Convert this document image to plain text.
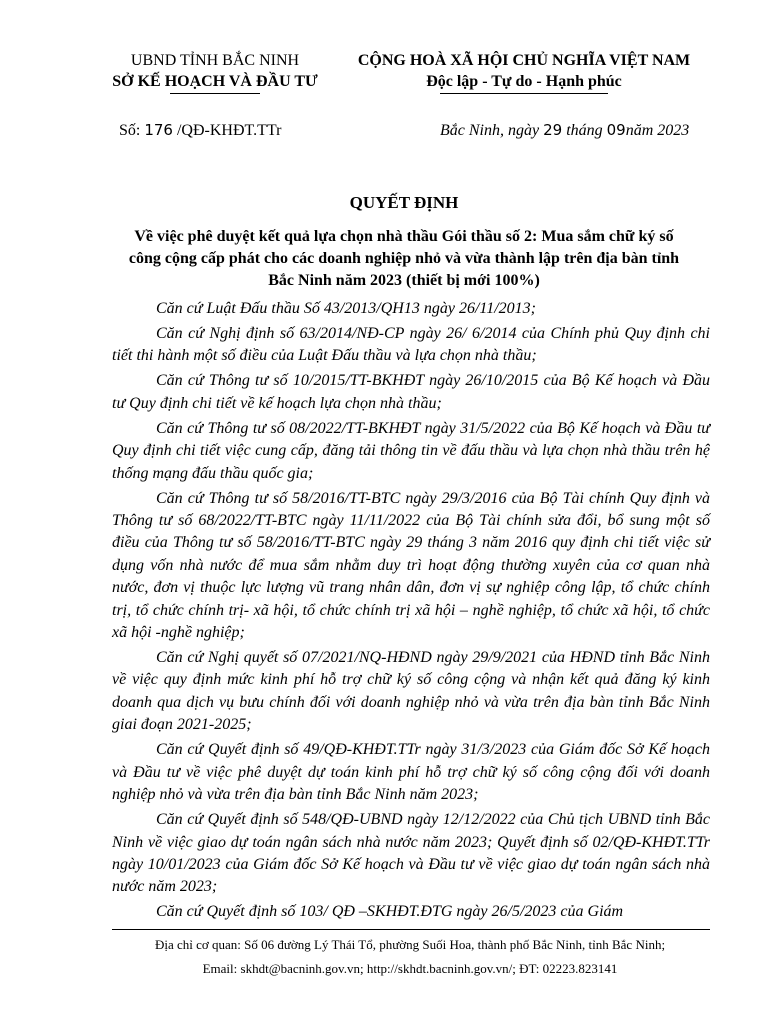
UBND TỈNH BẮC NINH
SỞ KẾ HOẠCH VÀ ĐẦU TƯ
CỘNG HOÀ XÃ HỘI CHỦ NGHĨA VIỆT NAM
Độc lập - Tự do - Hạnh phúc
Số: 176 /QĐ-KHĐT.TTr	Bắc Ninh, ngày 29 tháng 09năm 2023
QUYẾT ĐỊNH
Về việc phê duyệt kết quả lựa chọn nhà thầu Gói thầu số 2: Mua sắm chữ ký số công cộng cấp phát cho các doanh nghiệp nhỏ và vừa thành lập trên địa bàn tỉnh Bắc Ninh năm 2023 (thiết bị mới 100%)

Căn cứ Luật Đấu thầu Số 43/2013/QH13 ngày 26/11/2013;

Căn cứ Nghị định số 63/2014/NĐ-CP ngày 26/ 6/2014 của Chính phủ Quy định chi tiết thi hành một số điều của Luật Đấu thầu và lựa chọn nhà thầu;

Căn cứ Thông tư số 10/2015/TT-BKHĐT ngày 26/10/2015 của Bộ Kế hoạch và Đầu tư Quy định chi tiết về kế hoạch lựa chọn nhà thầu;

Căn cứ Thông tư số 08/2022/TT-BKHĐT ngày 31/5/2022 của Bộ Kế hoạch và Đầu tư Quy định chi tiết việc cung cấp, đăng tải thông tin về đấu thầu và lựa chọn nhà thầu trên hệ thống mạng đấu thầu quốc gia;

Căn cứ Thông tư số 58/2016/TT-BTC ngày 29/3/2016 của Bộ Tài chính Quy định và Thông tư số 68/2022/TT-BTC ngày 11/11/2022 của Bộ Tài chính sửa đổi, bổ sung một số điều của Thông tư số 58/2016/TT-BTC ngày 29 tháng 3 năm 2016 quy định chi tiết việc sử dụng vốn nhà nước để mua sắm nhằm duy trì hoạt động thường xuyên của cơ quan nhà nước, đơn vị thuộc lực lượng vũ trang nhân dân, đơn vị sự nghiệp công lập, tổ chức chính trị, tổ chức chính trị- xã hội, tổ chức chính trị xã hội – nghề nghiệp, tổ chức xã hội, tổ chức xã hội -nghề nghiệp;

Căn cứ Nghị quyết số 07/2021/NQ-HĐND ngày 29/9/2021 của HĐND tỉnh Bắc Ninh về việc quy định mức kinh phí hỗ trợ chữ ký số công cộng và nhận kết quả đăng ký kinh doanh qua dịch vụ bưu chính đối với doanh nghiệp nhỏ và vừa trên địa bàn tỉnh Bắc Ninh giai đoạn 2021-2025;

Căn cứ Quyết định số 49/QĐ-KHĐT.TTr ngày 31/3/2023 của Giám đốc Sở Kế hoạch và Đầu tư về việc phê duyệt dự toán kinh phí hỗ trợ chữ ký số công cộng đối với doanh nghiệp nhỏ và vừa trên địa bàn tỉnh Bắc Ninh năm 2023;

Căn cứ Quyết định số 548/QĐ-UBND ngày 12/12/2022 của Chủ tịch UBND tỉnh Bắc Ninh về việc giao dự toán ngân sách nhà nước năm 2023; Quyết định số 02/QĐ-KHĐT.TTr ngày 10/01/2023 của Giám đốc Sở Kế hoạch và Đầu tư về việc giao dự toán ngân sách nhà nước năm 2023;

Căn cứ Quyết định số 103/ QĐ –SKHĐT.ĐTG ngày 26/5/2023 của Giám

Địa chỉ cơ quan: Số 06 đường Lý Thái Tổ, phường Suối Hoa, thành phố Bắc Ninh, tỉnh Bắc Ninh;
Email: skhdt@bacninh.gov.vn; http://skhdt.bacninh.gov.vn/; ĐT: 02223.823141
